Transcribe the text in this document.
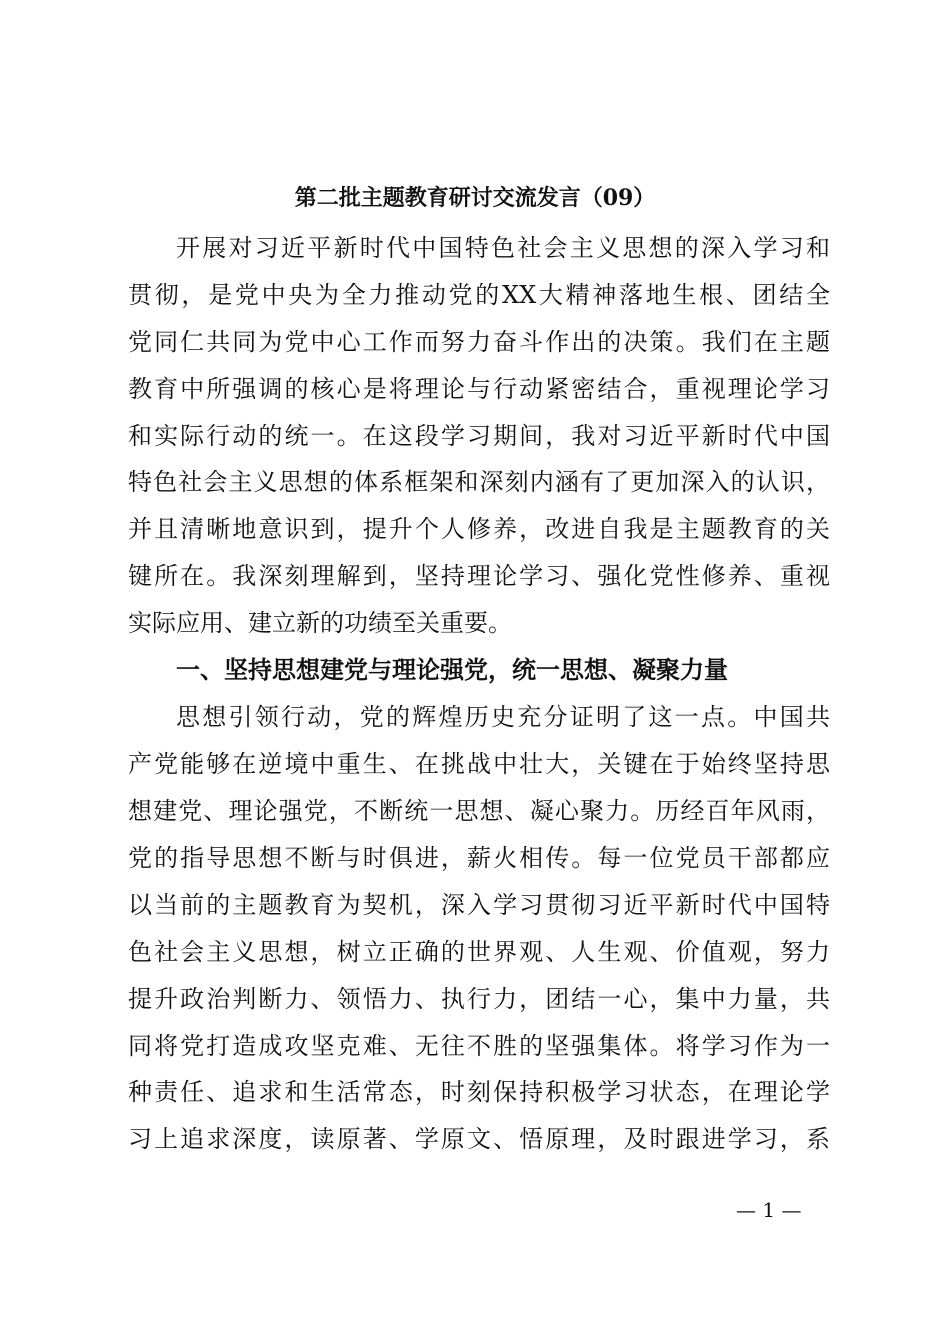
第二批主题教育研讨交流发言（09）

开展对习近平新时代中国特色社会主义思想的深入学习和

贯彻，是党中央为全力推动党的XX大精神落地生根、团结全

党同仁共同为党中心工作而努力奋斗作出的决策。我们在主题

教育中所强调的核心是将理论与行动紧密结合，重视理论学习

和实际行动的统一。在这段学习期间，我对习近平新时代中国

特色社会主义思想的体系框架和深刻内涵有了更加深入的认识，

并且清晰地意识到，提升个人修养，改进自我是主题教育的关

键所在。我深刻理解到，坚持理论学习、强化党性修养、重视

实际应用、建立新的功绩至关重要。

一、坚持思想建党与理论强党，统一思想、凝聚力量

思想引领行动，党的辉煌历史充分证明了这一点。中国共

产党能够在逆境中重生、在挑战中壮大，关键在于始终坚持思

想建党、理论强党，不断统一思想、凝心聚力。历经百年风雨，

党的指导思想不断与时俱进，薪火相传。每一位党员干部都应

以当前的主题教育为契机，深入学习贯彻习近平新时代中国特

色社会主义思想，树立正确的世界观、人生观、价值观，努力

提升政治判断力、领悟力、执行力，团结一心，集中力量，共

同将党打造成攻坚克难、无往不胜的坚强集体。将学习作为一

种责任、追求和生活常态，时刻保持积极学习状态，在理论学

习上追求深度，读原著、学原文、悟原理，及时跟进学习，系

— 1 —
